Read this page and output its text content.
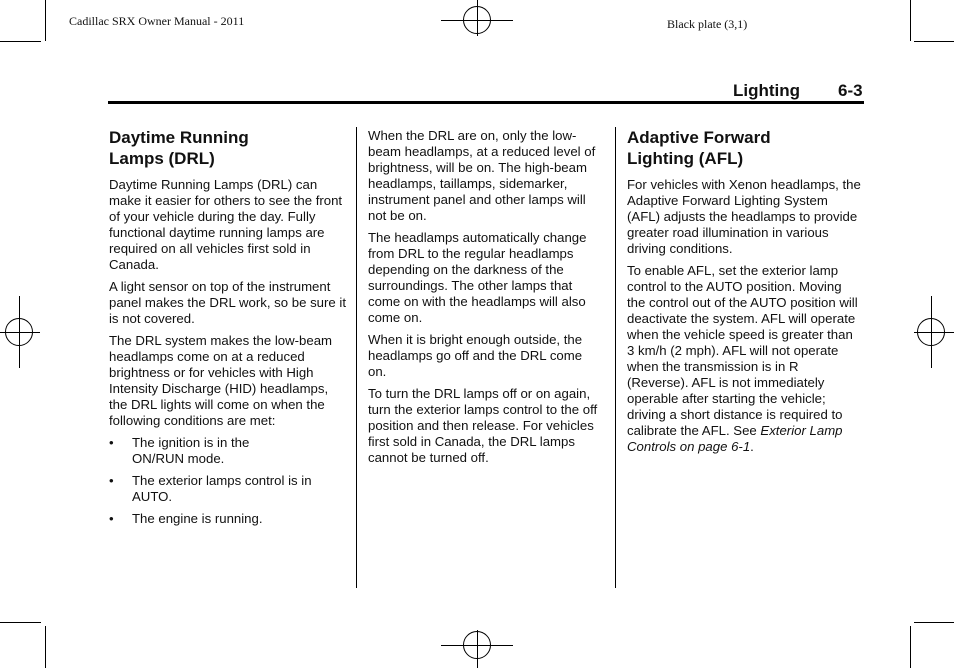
Cadillac SRX Owner Manual - 2011	Black plate (3,1)
Lighting 6-3
Daytime Running
Lamps (DRL)

Daytime Running Lamps (DRL) can make it easier for others to see the front of your vehicle during the day. Fully functional daytime running lamps are required on all vehicles first sold in Canada.

A light sensor on top of the instrument panel makes the DRL work, so be sure it is not covered.

The DRL system makes the low-beam headlamps come on at a reduced brightness or for vehicles with High Intensity Discharge (HID) headlamps, the DRL lights will come on when the following conditions are met:

• The ignition is in the ON/RUN mode.
• The exterior lamps control is in AUTO.
• The engine is running.

When the DRL are on, only the low-beam headlamps, at a reduced level of brightness, will be on. The high-beam headlamps, taillamps, sidemarker, instrument panel and other lamps will not be on.

The headlamps automatically change from DRL to the regular headlamps depending on the darkness of the surroundings. The other lamps that come on with the headlamps will also come on.

When it is bright enough outside, the headlamps go off and the DRL come on.

To turn the DRL lamps off or on again, turn the exterior lamps control to the off position and then release. For vehicles first sold in Canada, the DRL lamps cannot be turned off.

Adaptive Forward
Lighting (AFL)

For vehicles with Xenon headlamps, the Adaptive Forward Lighting System (AFL) adjusts the headlamps to provide greater road illumination in various driving conditions.

To enable AFL, set the exterior lamp control to the AUTO position. Moving the control out of the AUTO position will deactivate the system. AFL will operate when the vehicle speed is greater than 3 km/h (2 mph). AFL will not operate when the transmission is in R (Reverse). AFL is not immediately operable after starting the vehicle; driving a short distance is required to calibrate the AFL. See Exterior Lamp Controls on page 6-1.
